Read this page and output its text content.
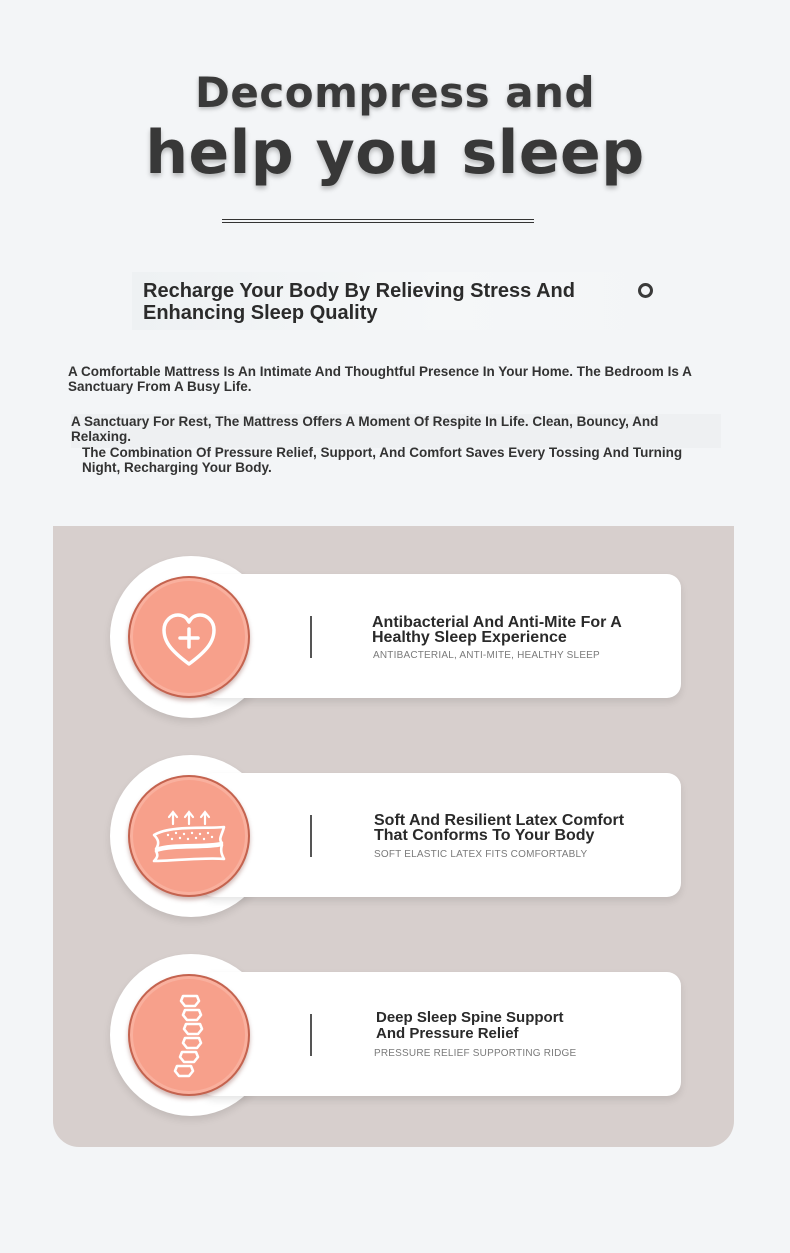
Decompress and
help you sleep
Recharge Your Body By Relieving Stress And Enhancing Sleep Quality
A Comfortable Mattress Is An Intimate And Thoughtful Presence In Your Home. The Bedroom Is A Sanctuary From A Busy Life.
A Sanctuary For Rest, The Mattress Offers A Moment Of Respite In Life. Clean, Bouncy, And Relaxing.
The Combination Of Pressure Relief, Support, And Comfort Saves Every Tossing And Turning Night, Recharging Your Body.
Antibacterial And Anti-Mite For A Healthy Sleep Experience
ANTIBACTERIAL, ANTI-MITE, HEALTHY SLEEP
Soft And Resilient Latex Comfort That Conforms To Your Body
SOFT ELASTIC LATEX FITS COMFORTABLY
Deep Sleep Spine Support And Pressure Relief
PRESSURE RELIEF SUPPORTING RIDGE
